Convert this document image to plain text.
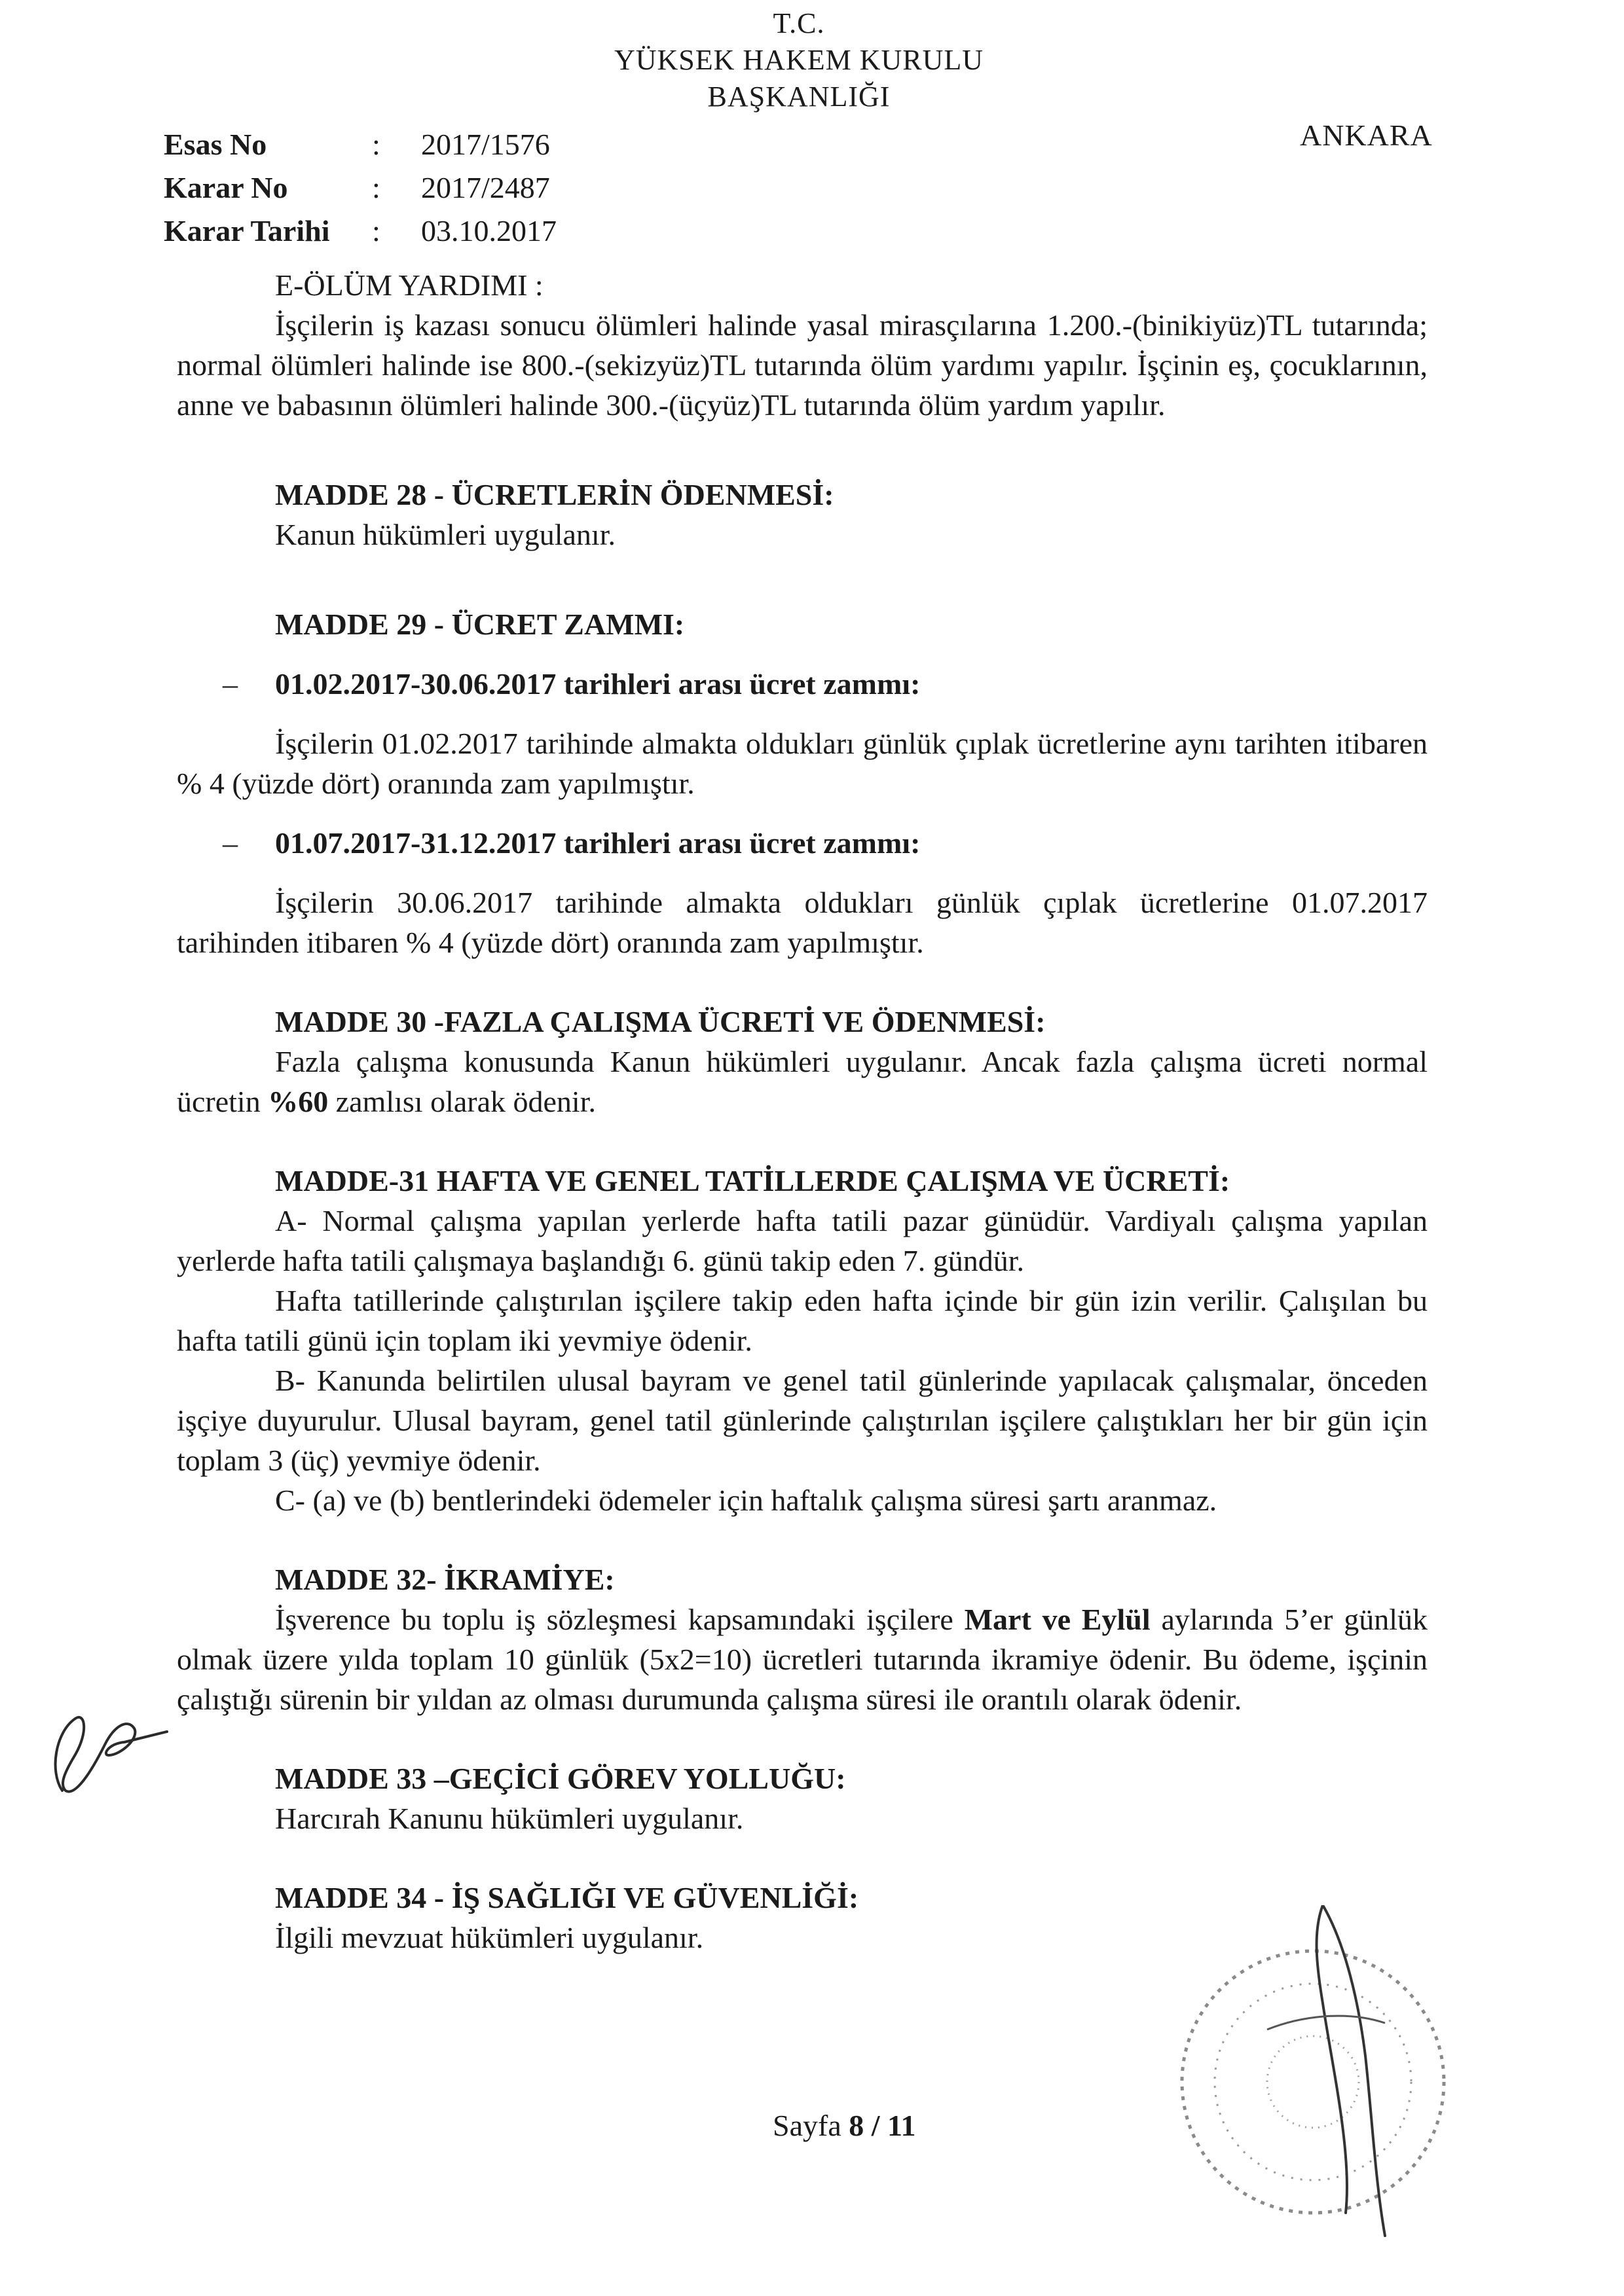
T.C.
YÜKSEK HAKEM KURULU
BAŞKANLIĞI
ANKARA
Esas No	:	2017/1576
Karar No	:	2017/2487
Karar Tarihi	:	03.10.2017

E-ÖLÜM YARDIMI :

İşçilerin iş kazası sonucu ölümleri halinde yasal mirasçılarına 1.200.-(binikiyüz)TL tutarında; normal ölümleri halinde ise 800.-(sekizyüz)TL tutarında ölüm yardımı yapılır. İşçinin eş, çocuklarının, anne ve babasının ölümleri halinde 300.-(üçyüz)TL tutarında ölüm yardım yapılır.

MADDE 28 - ÜCRETLERİN ÖDENMESİ:

Kanun hükümleri uygulanır.

MADDE 29 - ÜCRET ZAMMI:

– 01.02.2017-30.06.2017 tarihleri arası ücret zammı:

İşçilerin 01.02.2017 tarihinde almakta oldukları günlük çıplak ücretlerine aynı tarihten itibaren % 4 (yüzde dört) oranında zam yapılmıştır.

– 01.07.2017-31.12.2017 tarihleri arası ücret zammı:

İşçilerin 30.06.2017 tarihinde almakta oldukları günlük çıplak ücretlerine 01.07.2017 tarihinden itibaren % 4 (yüzde dört) oranında zam yapılmıştır.

MADDE 30 -FAZLA ÇALIŞMA ÜCRETİ VE ÖDENMESİ:

Fazla çalışma konusunda Kanun hükümleri uygulanır. Ancak fazla çalışma ücreti normal ücretin %60 zamlısı olarak ödenir.

MADDE-31 HAFTA VE GENEL TATİLLERDE ÇALIŞMA VE ÜCRETİ:

A- Normal çalışma yapılan yerlerde hafta tatili pazar günüdür. Vardiyalı çalışma yapılan yerlerde hafta tatili çalışmaya başlandığı 6. günü takip eden 7. gündür.

Hafta tatillerinde çalıştırılan işçilere takip eden hafta içinde bir gün izin verilir. Çalışılan bu hafta tatili günü için toplam iki yevmiye ödenir.

B- Kanunda belirtilen ulusal bayram ve genel tatil günlerinde yapılacak çalışmalar, önceden işçiye duyurulur. Ulusal bayram, genel tatil günlerinde çalıştırılan işçilere çalıştıkları her bir gün için toplam 3 (üç) yevmiye ödenir.

C- (a) ve (b) bentlerindeki ödemeler için haftalık çalışma süresi şartı aranmaz.

MADDE 32- İKRAMİYE:

İşverence bu toplu iş sözleşmesi kapsamındaki işçilere Mart ve Eylül aylarında 5’er günlük olmak üzere yılda toplam 10 günlük (5x2=10) ücretleri tutarında ikramiye ödenir. Bu ödeme, işçinin çalıştığı sürenin bir yıldan az olması durumunda çalışma süresi ile orantılı olarak ödenir.

MADDE 33 –GEÇİCİ GÖREV YOLLUĞU:

Harcırah Kanunu hükümleri uygulanır.

MADDE 34 - İŞ SAĞLIĞI VE GÜVENLİĞİ:

İlgili mevzuat hükümleri uygulanır.

Sayfa 8 / 11
